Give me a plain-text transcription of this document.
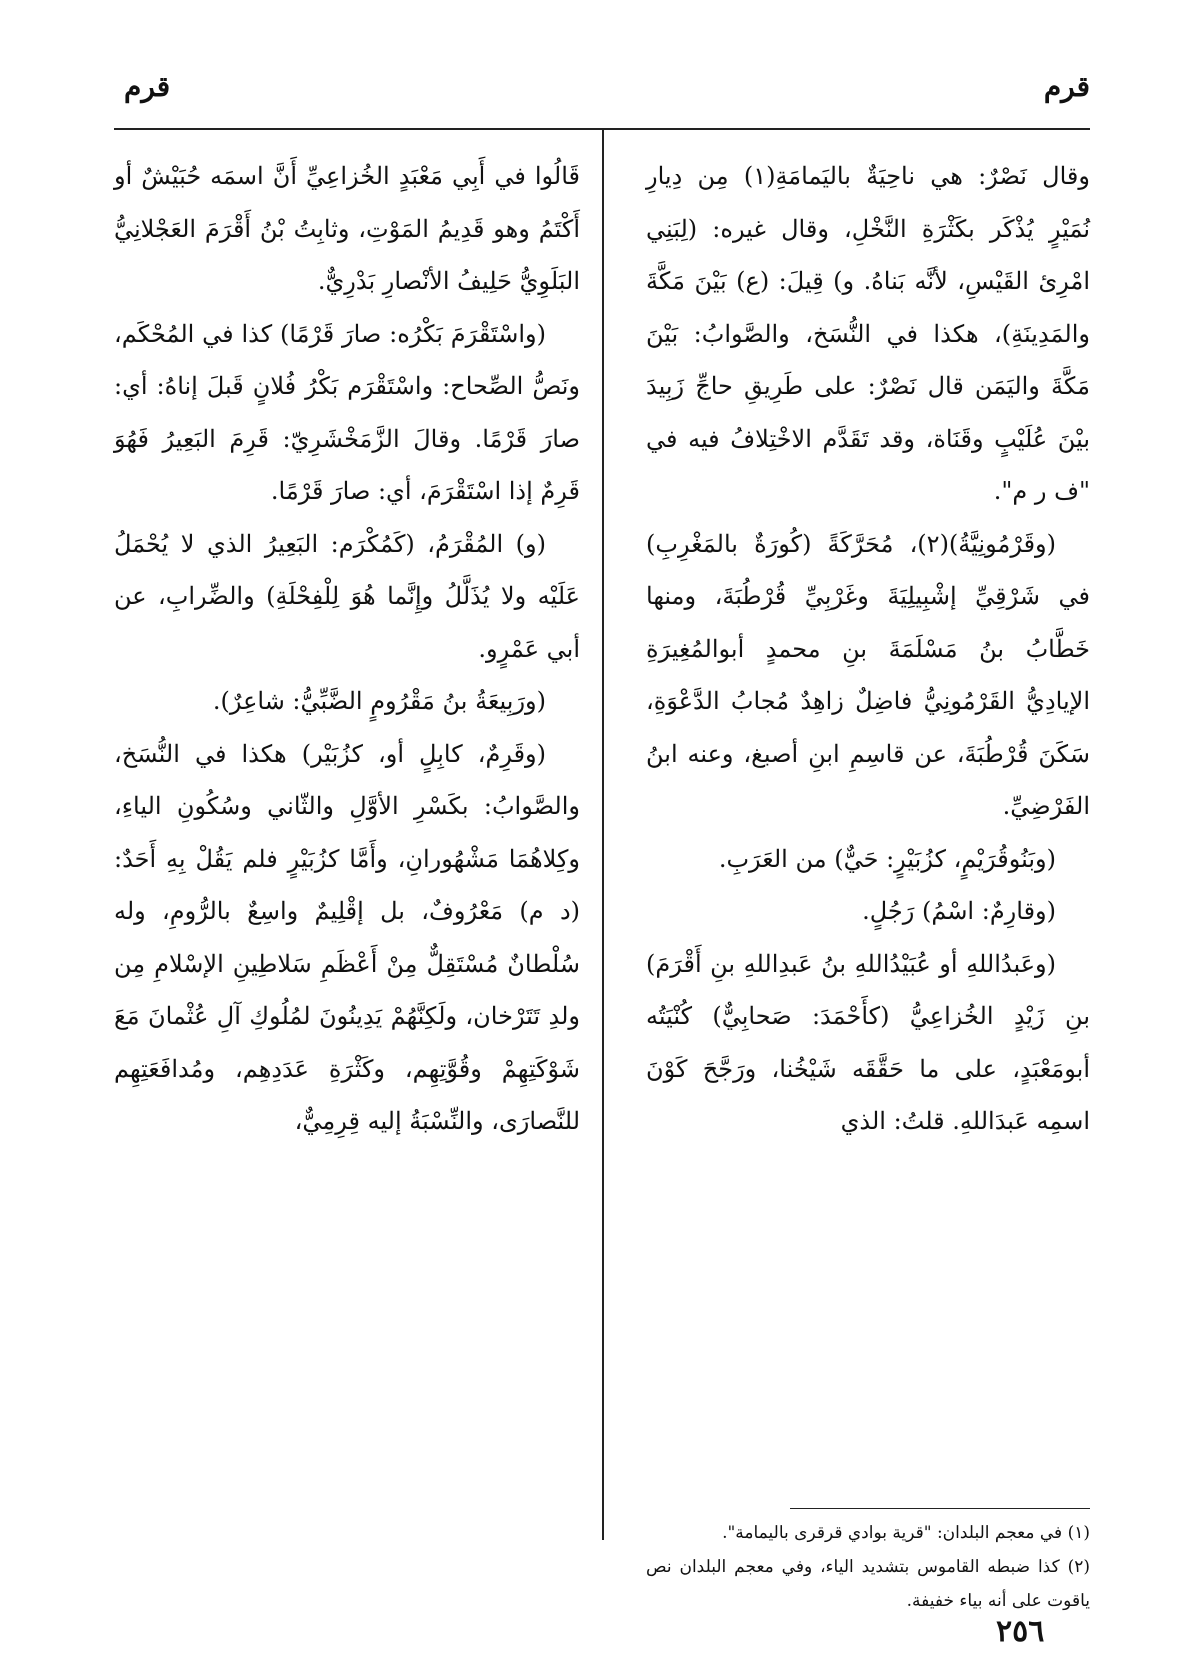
قرم
قرم

وقال نَصْرٌ: هي ناحِيَةٌ باليَمامَةِ(١) مِن دِيارِ نُمَيْرٍ يُذْكَر بكَثْرَةِ النَّخْلِ، وقال غيره: (لِبَنِي امْرِئ القَيْسِ، لأنَّه بَناهُ. و) قِيلَ: (ع) بَيْنَ مَكَّةَ والمَدِينَةِ)، هكذا في النُّسَخ، والصَّوابُ: بَيْنَ مَكَّةَ واليَمَن قال نَصْرٌ: على طَرِيقِ حاجِّ زَبِيدَ بيْنَ عُلَيْبٍ وقَنَاة، وقد تَقَدَّم الاخْتِلافُ فيه في "ف ر م".

(وقَرْمُونِيَّةُ)(٢)، مُحَرَّكَةً (كُورَةٌ بالمَغْرِبِ) في شَرْقِيِّ إشْبِيلِيَةَ وغَرْبِيِّ قُرْطُبَةَ، ومنها خَطَّابُ بنُ مَسْلَمَةَ بنِ محمدٍ أبوالمُغِيرَةِ الإيادِيُّ القَرْمُونِيُّ فاضِلٌ زاهِدٌ مُجابُ الدَّعْوَةِ، سَكَنَ قُرْطُبَةَ، عن قاسِمِ ابنِ أصبغ، وعنه ابنُ الفَرْضِيِّ.

(وبَنُوقُرَيْمٍ، كزُبَيْرٍ: حَيٌّ) من العَرَبِ.

(وقارِمٌ: اسْمُ) رَجُلٍ.

(وعَبدُاللهِ أو عُبَيْدُاللهِ بنُ عَبدِاللهِ بنِ أَقْرَمَ) بنِ زَيْدٍ الخُزاعِيُّ (كأَحْمَدَ: صَحابِيٌّ) كُنْيَتُه أبومَعْبَدٍ، على ما حَقَّقَه شَيْخُنا، ورَجَّحَ كَوْنَ اسمِه عَبدَاللهِ. قلتُ: الذي

قَالُوا في أَبِي مَعْبَدٍ الخُزاعِيِّ أَنَّ اسمَه حُبَيْشٌ أو أَكْتَمُ وهو قَدِيمُ المَوْتِ، وثابِتُ بْنُ أَقْرَمَ العَجْلانِيُّ البَلَوِيُّ حَلِيفُ الأنْصارِ بَدْرِيٌّ.

(واسْتَقْرَمَ بَكْرُه: صارَ قَرْمًا) كذا في المُحْكَم، ونَصُّ الصِّحاح: واسْتَقْرَم بَكْرُ فُلانٍ قَبلَ إناهُ: أي: صارَ قَرْمًا. وقالَ الزَّمَخْشَرِيّ: قَرِمَ البَعِيرُ فَهُوَ قَرِمٌ إذا اسْتَقْرَمَ، أي: صارَ قَرْمًا.

(و) المُقْرَمُ، (كَمُكْرَم: البَعِيرُ الذي لا يُحْمَلُ عَلَيْه ولا يُذَلَّلُ وإِنَّما هُوَ لِلْفِحْلَةِ) والضِّرابِ، عن أبي عَمْرٍو.

(ورَبِيعَةُ بنُ مَقْرُومٍ الضَّبِّيُّ: شاعِرٌ).

(وقَرِمٌ، كابِلٍ أو، كزُبَيْر) هكذا في النُّسَخ، والصَّوابُ: بكَسْرِ الأوَّلِ والثّاني وسُكُونِ الياءِ، وكِلاهُمَا مَشْهُورانِ، وأَمَّا كزُبَيْرٍ فلم يَقُلْ بِهِ أَحَدٌ: (د م) مَعْرُوفٌ، بل إقْلِيمٌ واسِعٌ بالرُّومِ، وله سُلْطانٌ مُسْتَقِلٌّ مِنْ أَعْظَمِ سَلاطِينِ الإسْلامِ مِن ولدِ تَتَرْخان، ولَكِنَّهُمْ يَدِينُونَ لمُلُوكِ آلِ عُثْمانَ مَعَ شَوْكَتِهِمْ وقُوَّتِهِم، وكَثْرَةِ عَدَدِهِم، ومُدافَعَتِهِم للنَّصارَى، والنِّسْبَةُ إليه قِرِمِيٌّ،

(١) في معجم البلدان: "قرية بوادي قرقرى باليمامة".

(٢) كذا ضبطه القاموس بتشديد الياء، وفي معجم البلدان نص ياقوت على أنه بياء خفيفة.

٢٥٦
